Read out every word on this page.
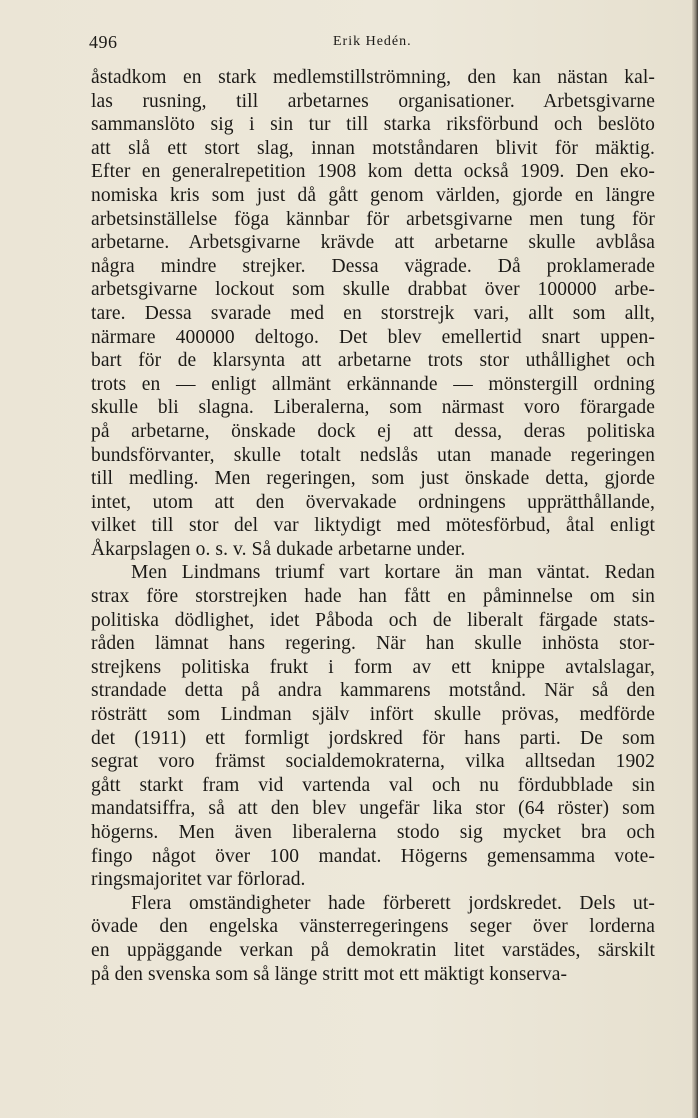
496	Erik Hedén.
åstadkom en stark medlemstillströmning, den kan nästan kal-
las rusning, till arbetarnes organisationer. Arbetsgivarne
sammanslöto sig i sin tur till starka riksförbund och beslöto
att slå ett stort slag, innan motståndaren blivit för mäktig.
Efter en generalrepetition 1908 kom detta också 1909. Den eko-
nomiska kris som just då gått genom världen, gjorde en längre
arbetsinställelse föga kännbar för arbetsgivarne men tung för
arbetarne. Arbetsgivarne krävde att arbetarne skulle avblåsa
några mindre strejker. Dessa vägrade. Då proklamerade
arbetsgivarne lockout som skulle drabbat över 100000 arbe-
tare. Dessa svarade med en storstrejk vari, allt som allt,
närmare 400000 deltogo. Det blev emellertid snart uppen-
bart för de klarsynta att arbetarne trots stor uthållighet och
trots en — enligt allmänt erkännande — mönstergill ordning
skulle bli slagna. Liberalerna, som närmast voro förargade
på arbetarne, önskade dock ej att dessa, deras politiska
bundsförvanter, skulle totalt nedslås utan manade regeringen
till medling. Men regeringen, som just önskade detta, gjorde
intet, utom att den övervakade ordningens upprätthållande,
vilket till stor del var liktydigt med mötesförbud, åtal enligt
Åkarpslagen o. s. v. Så dukade arbetarne under.
Men Lindmans triumf vart kortare än man väntat. Redan
strax före storstrejken hade han fått en påminnelse om sin
politiska dödlighet, idet Påboda och de liberalt färgade stats-
råden lämnat hans regering. När han skulle inhösta stor-
strejkens politiska frukt i form av ett knippe avtalslagar,
strandade detta på andra kammarens motstånd. När så den
rösträtt som Lindman själv infört skulle prövas, medförde
det (1911) ett formligt jordskred för hans parti. De som
segrat voro främst socialdemokraterna, vilka alltsedan 1902
gått starkt fram vid vartenda val och nu fördubblade sin
mandatsiffra, så att den blev ungefär lika stor (64 röster) som
högerns. Men även liberalerna stodo sig mycket bra och
fingo något över 100 mandat. Högerns gemensamma vote-
ringsmajoritet var förlorad.
Flera omständigheter hade förberett jordskredet. Dels ut-
övade den engelska vänsterregeringens seger över lorderna
en uppäggande verkan på demokratin litet varstädes, särskilt
på den svenska som så länge stritt mot ett mäktigt konserva-
